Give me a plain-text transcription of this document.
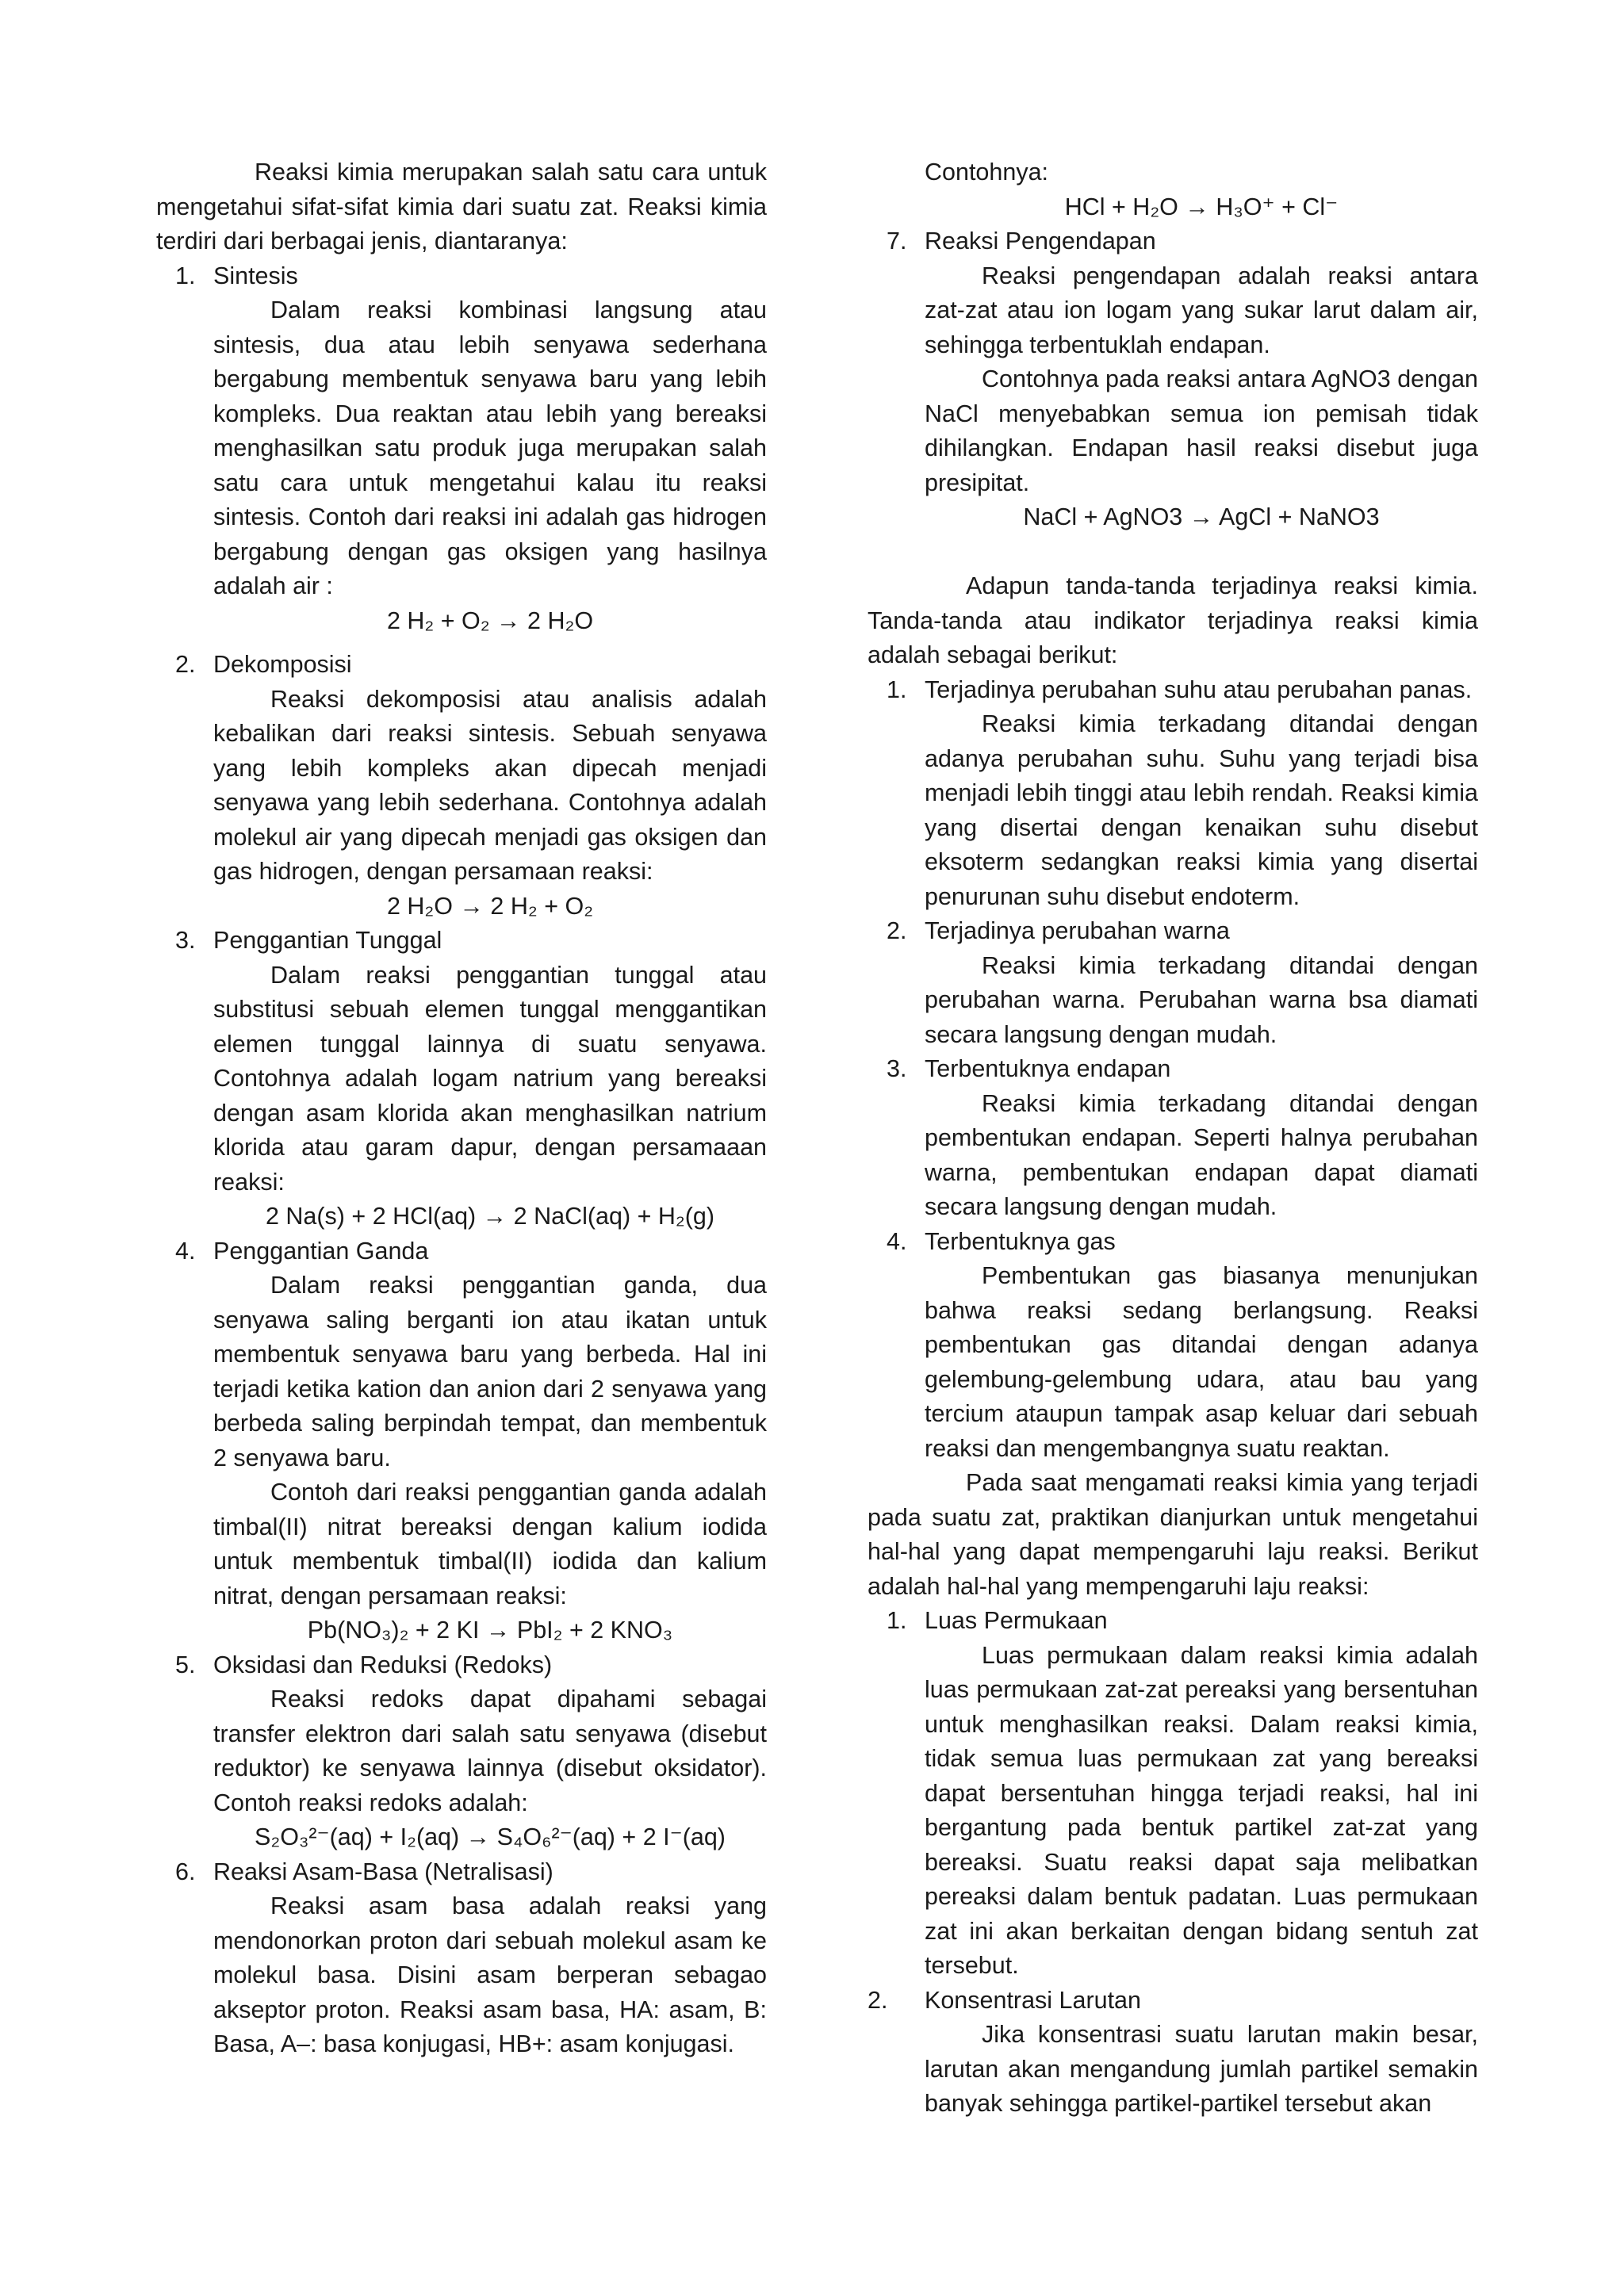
Reaksi kimia merupakan salah satu cara untuk mengetahui sifat-sifat kimia dari suatu zat. Reaksi kimia terdiri dari berbagai jenis, diantaranya:

1. Sintesis

Dalam reaksi kombinasi langsung atau sintesis, dua atau lebih senyawa sederhana bergabung membentuk senyawa baru yang lebih kompleks. Dua reaktan atau lebih yang bereaksi menghasilkan satu produk juga merupakan salah satu cara untuk mengetahui kalau itu reaksi sintesis. Contoh dari reaksi ini adalah gas hidrogen bergabung dengan gas oksigen yang hasilnya adalah air :

2 H₂ + O₂ → 2 H₂O

2. Dekomposisi

Reaksi dekomposisi atau analisis adalah kebalikan dari reaksi sintesis. Sebuah senyawa yang lebih kompleks akan dipecah menjadi senyawa yang lebih sederhana. Contohnya adalah molekul air yang dipecah menjadi gas oksigen dan gas hidrogen, dengan persamaan reaksi:

2 H₂O → 2 H₂ + O₂

3. Penggantian Tunggal

Dalam reaksi penggantian tunggal atau substitusi sebuah elemen tunggal menggantikan elemen tunggal lainnya di suatu senyawa. Contohnya adalah logam natrium yang bereaksi dengan asam klorida akan menghasilkan natrium klorida atau garam dapur, dengan persamaaan reaksi:

2 Na(s) + 2 HCl(aq) → 2 NaCl(aq) + H₂(g)

4. Penggantian Ganda

Dalam reaksi penggantian ganda, dua senyawa saling berganti ion atau ikatan untuk membentuk senyawa baru yang berbeda. Hal ini terjadi ketika kation dan anion dari 2 senyawa yang berbeda saling berpindah tempat, dan membentuk 2 senyawa baru.

Contoh dari reaksi penggantian ganda adalah timbal(II) nitrat bereaksi dengan kalium iodida untuk membentuk timbal(II) iodida dan kalium nitrat, dengan persamaan reaksi:

Pb(NO₃)₂ + 2 KI → PbI₂ + 2 KNO₃

5. Oksidasi dan Reduksi (Redoks)

Reaksi redoks dapat dipahami sebagai transfer elektron dari salah satu senyawa (disebut reduktor) ke senyawa lainnya (disebut oksidator). Contoh reaksi redoks adalah:

S₂O₃²⁻(aq) + I₂(aq) → S₄O₆²⁻(aq) + 2 I⁻(aq)

6. Reaksi Asam-Basa (Netralisasi)

Reaksi asam basa adalah reaksi yang mendonorkan proton dari sebuah molekul asam ke molekul basa. Disini asam berperan sebagao akseptor proton. Reaksi asam basa, HA: asam, B: Basa, A–: basa konjugasi, HB+: asam konjugasi.

Contohnya:

HCl + H₂O → H₃O⁺ + Cl⁻

7. Reaksi Pengendapan

Reaksi pengendapan adalah reaksi antara zat-zat atau ion logam yang sukar larut dalam air, sehingga terbentuklah endapan.

Contohnya pada reaksi antara AgNO3 dengan NaCl menyebabkan semua ion pemisah tidak dihilangkan. Endapan hasil reaksi disebut juga presipitat.

NaCl + AgNO3 → AgCl + NaNO3

Adapun tanda-tanda terjadinya reaksi kimia. Tanda-tanda atau indikator terjadinya reaksi kimia adalah sebagai berikut:

1. Terjadinya perubahan suhu atau perubahan panas.

Reaksi kimia terkadang ditandai dengan adanya perubahan suhu. Suhu yang terjadi bisa menjadi lebih tinggi atau lebih rendah. Reaksi kimia yang disertai dengan kenaikan suhu disebut eksoterm sedangkan reaksi kimia yang disertai penurunan suhu disebut endoterm.

2. Terjadinya perubahan warna

Reaksi kimia terkadang ditandai dengan perubahan warna. Perubahan warna bsa diamati secara langsung dengan mudah.

3. Terbentuknya endapan

Reaksi kimia terkadang ditandai dengan pembentukan endapan. Seperti halnya perubahan warna, pembentukan endapan dapat diamati secara langsung dengan mudah.

4. Terbentuknya gas

Pembentukan gas biasanya menunjukan bahwa reaksi sedang berlangsung. Reaksi pembentukan gas ditandai dengan adanya gelembung-gelembung udara, atau bau yang tercium ataupun tampak asap keluar dari sebuah reaksi dan mengembangnya suatu reaktan.

Pada saat mengamati reaksi kimia yang terjadi pada suatu zat, praktikan dianjurkan untuk mengetahui hal-hal yang dapat mempengaruhi laju reaksi. Berikut adalah hal-hal yang mempengaruhi laju reaksi:

1. Luas Permukaan

Luas permukaan dalam reaksi kimia adalah luas permukaan zat-zat pereaksi yang bersentuhan untuk menghasilkan reaksi. Dalam reaksi kimia, tidak semua luas permukaan zat yang bereaksi dapat bersentuhan hingga terjadi reaksi, hal ini bergantung pada bentuk partikel zat-zat yang bereaksi. Suatu reaksi dapat saja melibatkan pereaksi dalam bentuk padatan. Luas permukaan zat ini akan berkaitan dengan bidang sentuh zat tersebut.

2. Konsentrasi Larutan

Jika konsentrasi suatu larutan makin besar, larutan akan mengandung jumlah partikel semakin banyak sehingga partikel-partikel tersebut akan
